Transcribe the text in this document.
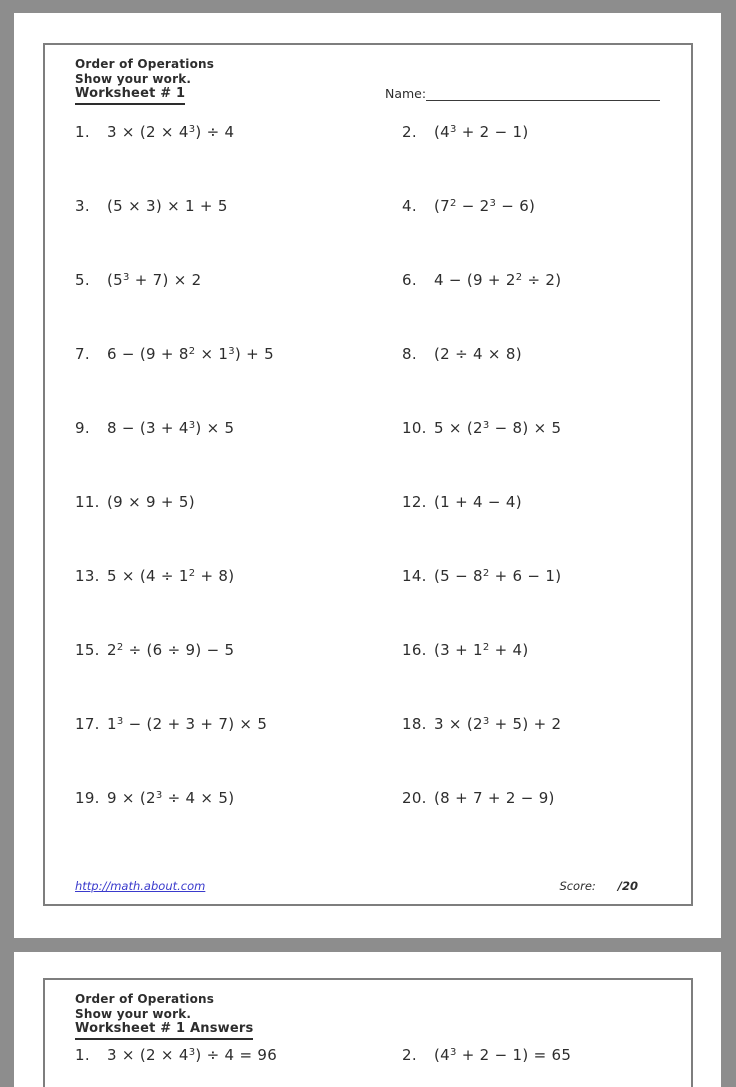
Order of Operations
Show your work.
Worksheet # 1	Name:
1. $3 \times (2 \times 4^3) \div 4$	2. $(4^3 + 2 - 1)$
3. (5 × 3) × 1 + 5	4. $(7^2 - 2^3 - 6)$
5. $(5^3 + 7) \times 2$	6. $4 - (9 + 2^2 \div 2)$
7. $6 - (9 + 8^2 \times 1^3) + 5$	8. (2 ÷ 4 × 8)
9. $8 - (3 + 4^3) \times 5$	10. $5 \times (2^3 - 8) \times 5$
11. (9 × 9 + 5)	12. (1 + 4 − 4)
13. $5 \times (4 \div 1^2 + 8)$	14. $(5 - 8^2 + 6 - 1)$
15. $2^2 \div (6 \div 9) - 5$	16. $(3 + 1^2 + 4)$
17. $1^3 - (2 + 3 + 7) \times 5$	18. $3 \times (2^3 + 5) + 2$
19. $9 \times (2^3 \div 4 \times 5)$	20. (8 + 7 + 2 − 9)
http://math.about.com	Score: /20
Order of Operations
Show your work.
Worksheet # 1 Answers
1. $3 \times (2 \times 4^3) \div 4 = 96$	2. $(4^3 + 2 - 1) = 65$
